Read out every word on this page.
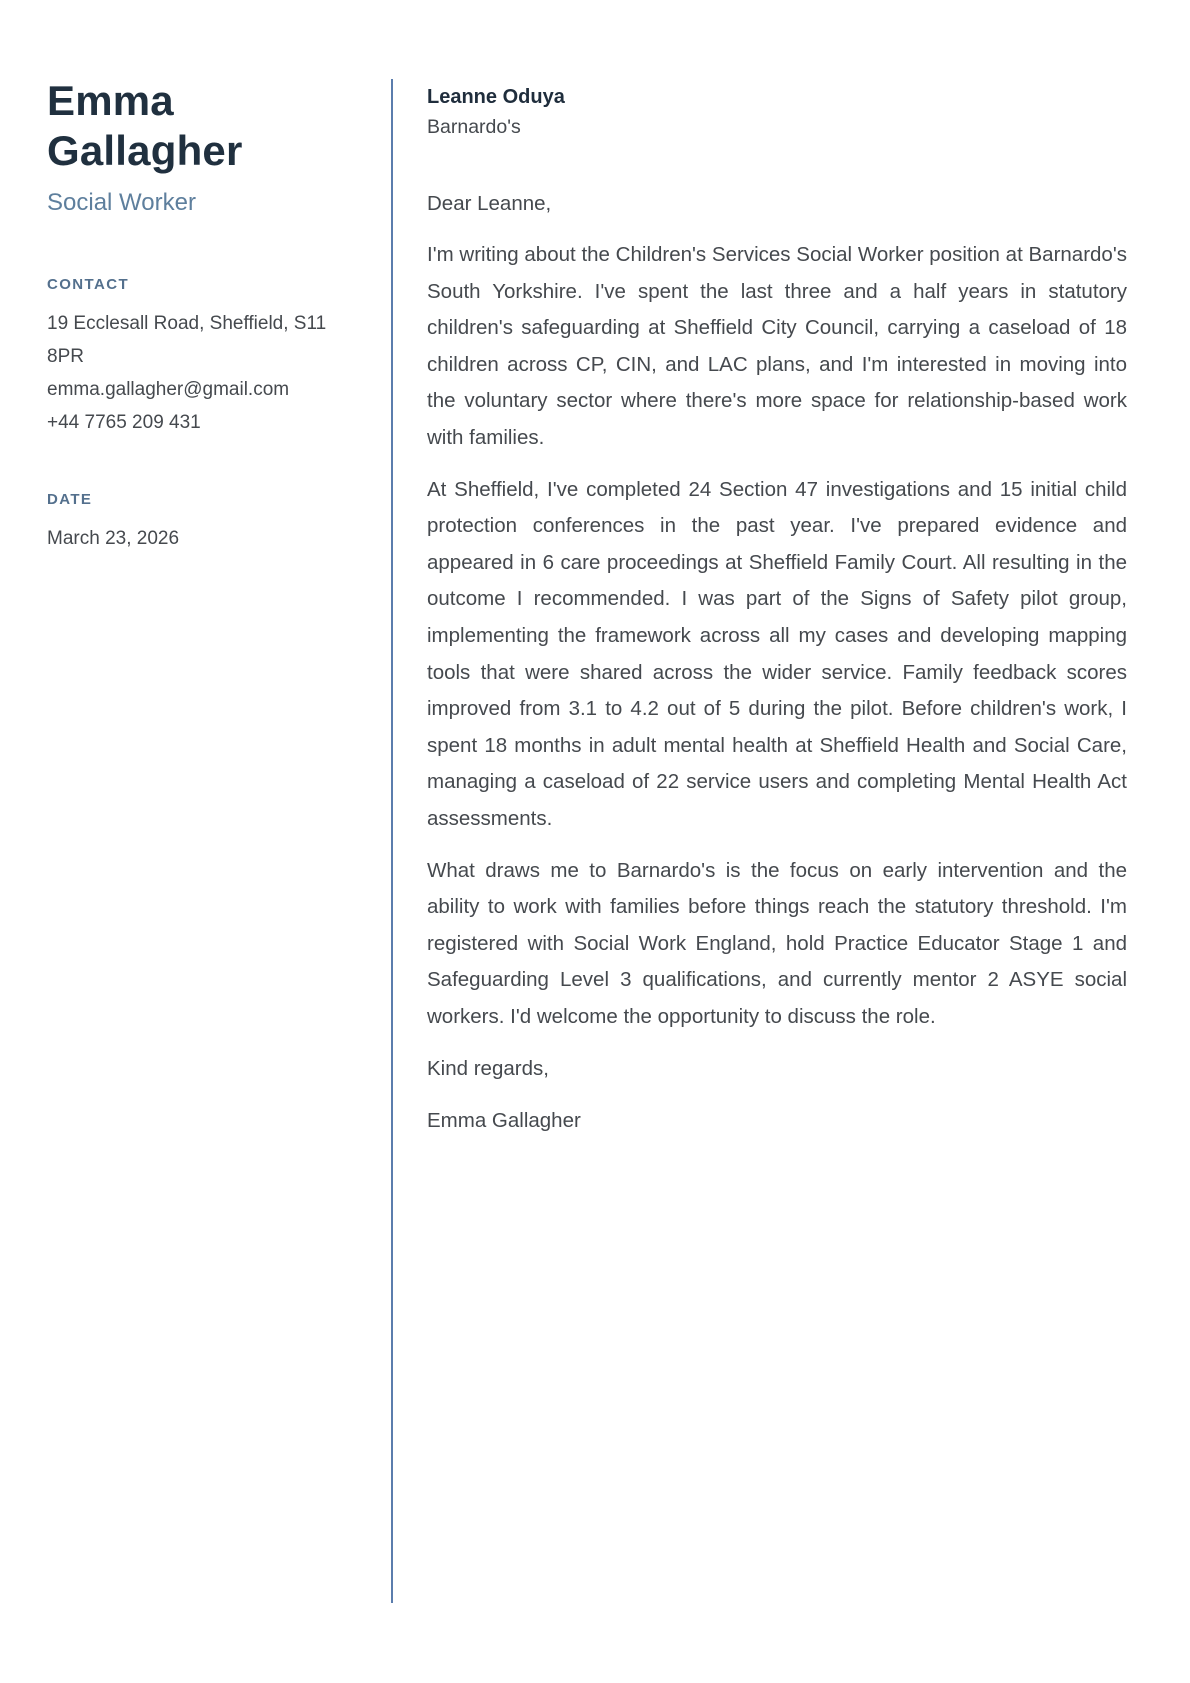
Emma Gallagher
Social Worker
CONTACT
19 Ecclesall Road, Sheffield, S11 8PR
emma.gallagher@gmail.com
+44 7765 209 431
DATE
March 23, 2026
Leanne Oduya
Barnardo's

Dear Leanne,

I'm writing about the Children's Services Social Worker position at Barnardo's South Yorkshire. I've spent the last three and a half years in statutory children's safeguarding at Sheffield City Council, carrying a caseload of 18 children across CP, CIN, and LAC plans, and I'm interested in moving into the voluntary sector where there's more space for relationship-based work with families.

At Sheffield, I've completed 24 Section 47 investigations and 15 initial child protection conferences in the past year. I've prepared evidence and appeared in 6 care proceedings at Sheffield Family Court. All resulting in the outcome I recommended. I was part of the Signs of Safety pilot group, implementing the framework across all my cases and developing mapping tools that were shared across the wider service. Family feedback scores improved from 3.1 to 4.2 out of 5 during the pilot. Before children's work, I spent 18 months in adult mental health at Sheffield Health and Social Care, managing a caseload of 22 service users and completing Mental Health Act assessments.

What draws me to Barnardo's is the focus on early intervention and the ability to work with families before things reach the statutory threshold. I'm registered with Social Work England, hold Practice Educator Stage 1 and Safeguarding Level 3 qualifications, and currently mentor 2 ASYE social workers. I'd welcome the opportunity to discuss the role.

Kind regards,

Emma Gallagher
